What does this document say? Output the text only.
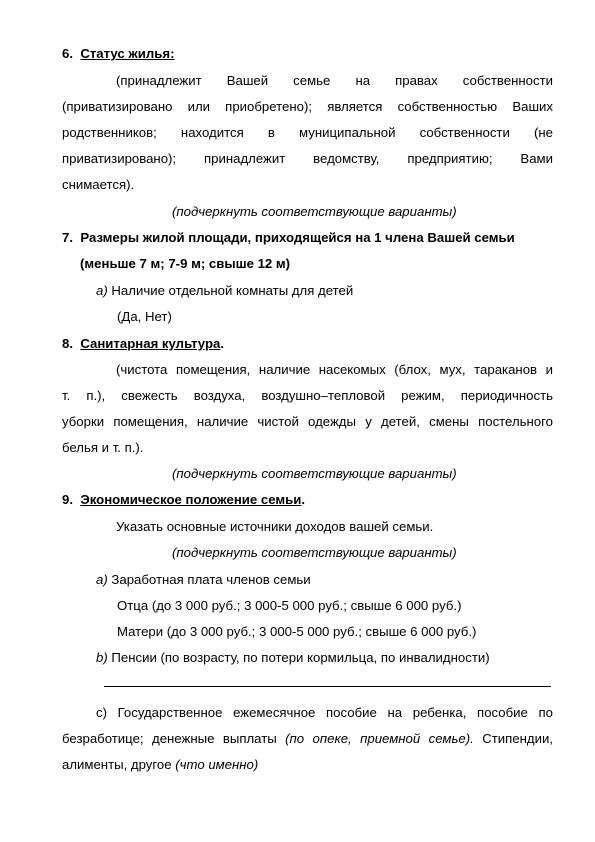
6. Статус жилья:
(принадлежит Вашей семье на правах собственности
(приватизировано или приобретено); является собственностью Ваших
родственников; находится в муниципальной собственности (не
приватизировано); принадлежит ведомству, предприятию; Вами
снимается).
(подчеркнуть соответствующие варианты)
7. Размеры жилой площади, приходящейся на 1 члена Вашей семьи
(меньше 7 м; 7-9 м; свыше 12 м)
а) Наличие отдельной комнаты для детей
(Да, Нет)
8. Санитарная культура.
(чистота помещения, наличие насекомых (блох, мух, тараканов и
т. п.), свежесть воздуха, воздушно–тепловой режим, периодичность
уборки помещения, наличие чистой одежды у детей, смены постельного
белья и т. п.).
(подчеркнуть соответствующие варианты)
9. Экономическое положение семьи.
Указать основные источники доходов вашей семьи.
(подчеркнуть соответствующие варианты)
а) Заработная плата членов семьи
Отца (до 3 000 руб.; 3 000-5 000 руб.; свыше 6 000 руб.)
Матери (до 3 000 руб.; 3 000-5 000 руб.; свыше 6 000 руб.)
b) Пенсии (по возрасту, по потери кормильца, по инвалидности)
с) Государственное ежемесячное пособие на ребенка, пособие по
безработице; денежные выплаты (по опеке, приемной семье). Стипендии,
алименты, другое (что именно)
